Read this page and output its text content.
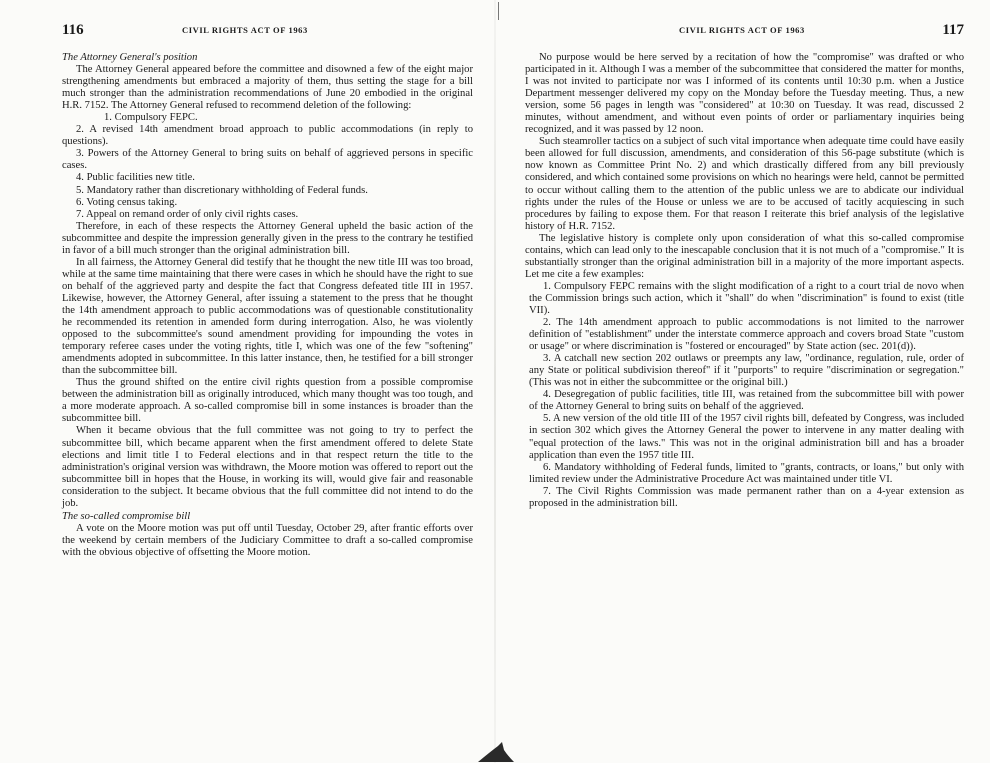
116	CIVIL RIGHTS ACT OF 1963

The Attorney General's position

The Attorney General appeared before the committee and disowned a few of the eight major strengthening amendments but embraced a majority of them, thus setting the stage for a bill much stronger than the administration recommendations of June 20 embodied in the original H.R. 7152. The Attorney General refused to recommend deletion of the following:

1. Compulsory FEPC.

2. A revised 14th amendment broad approach to public accommodations (in reply to questions).

3. Powers of the Attorney General to bring suits on behalf of aggrieved persons in specific cases.

4. Public facilities new title.

5. Mandatory rather than discretionary withholding of Federal funds.

6. Voting census taking.

7. Appeal on remand order of only civil rights cases.

Therefore, in each of these respects the Attorney General upheld the basic action of the subcommittee and despite the impression generally given in the press to the contrary he testified in favor of a bill much stronger than the original administration bill.

In all fairness, the Attorney General did testify that he thought the new title III was too broad, while at the same time maintaining that there were cases in which he should have the right to sue on behalf of the aggrieved party and despite the fact that Congress defeated title III in 1957. Likewise, however, the Attorney General, after issuing a statement to the press that he thought the 14th amendment approach to public accommodations was of questionable constitutionality he recommended its retention in amended form during interrogation. Also, he was violently opposed to the subcommittee's sound amendment providing for impounding the votes in temporary referee cases under the voting rights, title I, which was one of the few "softening" amendments adopted in subcommittee. In this latter instance, then, he testified for a bill stronger than the subcommittee bill.

Thus the ground shifted on the entire civil rights question from a possible compromise between the administration bill as originally introduced, which many thought was too tough, and a more moderate approach. A so-called compromise bill in some instances is broader than the subcommittee bill.

When it became obvious that the full committee was not going to try to perfect the subcommittee bill, which became apparent when the first amendment offered to delete State elections and limit title I to Federal elections and in that respect return the title to the administration's original version was withdrawn, the Moore motion was offered to report out the subcommittee bill in hopes that the House, in working its will, would give fair and reasonable consideration to the subject. It became obvious that the full committee did not intend to do the job.

The so-called compromise bill

A vote on the Moore motion was put off until Tuesday, October 29, after frantic efforts over the weekend by certain members of the Judiciary Committee to draft a so-called compromise with the obvious objective of offsetting the Moore motion.

CIVIL RIGHTS ACT OF 1963	117

No purpose would be here served by a recitation of how the "compromise" was drafted or who participated in it. Although I was a member of the subcommittee that considered the matter for months, I was not invited to participate nor was I informed of its contents until 10:30 p.m. when a Justice Department messenger delivered my copy on the Monday before the Tuesday meeting. Thus, a new version, some 56 pages in length was "considered" at 10:30 on Tuesday. It was read, discussed 2 minutes, without amendment, and without even points of order or parliamentary inquiries being recognized, and it was passed by 12 noon.

Such steamroller tactics on a subject of such vital importance when adequate time could have easily been allowed for full discussion, amendments, and consideration of this 56-page substitute (which is now known as Committee Print No. 2) and which drastically differed from any bill previously considered, and which contained some provisions on which no hearings were held, cannot be permitted to occur without calling them to the attention of the public unless we are to abdicate our individual rights under the rules of the House or unless we are to be accused of tacitly acquiescing in such procedures by failing to expose them. For that reason I reiterate this brief analysis of the legislative history of H.R. 7152.

The legislative history is complete only upon consideration of what this so-called compromise contains, which can lead only to the inescapable conclusion that it is not much of a "compromise." It is substantially stronger than the original administration bill in a majority of the more important aspects. Let me cite a few examples:

1. Compulsory FEPC remains with the slight modification of a right to a court trial de novo when the Commission brings such action, which it "shall" do when "discrimination" is found to exist (title VII).

2. The 14th amendment approach to public accommodations is not limited to the narrower definition of "establishment" under the interstate commerce approach and covers broad State "custom or usage" or where discrimination is "fostered or encouraged" by State action (sec. 201(d)).

3. A catchall new section 202 outlaws or preempts any law, "ordinance, regulation, rule, order of any State or political subdivision thereof" if it "purports" to require "discrimination or segregation." (This was not in either the subcommittee or the original bill.)

4. Desegregation of public facilities, title III, was retained from the subcommittee bill with power of the Attorney General to bring suits on behalf of the aggrieved.

5. A new version of the old title III of the 1957 civil rights bill, defeated by Congress, was included in section 302 which gives the Attorney General the power to intervene in any matter dealing with "equal protection of the laws." This was not in the original administration bill and has a broader application than even the 1957 title III.

6. Mandatory withholding of Federal funds, limited to "grants, contracts, or loans," but only with limited review under the Administrative Procedure Act was maintained under title VI.

7. The Civil Rights Commission was made permanent rather than on a 4-year extension as proposed in the administration bill.
